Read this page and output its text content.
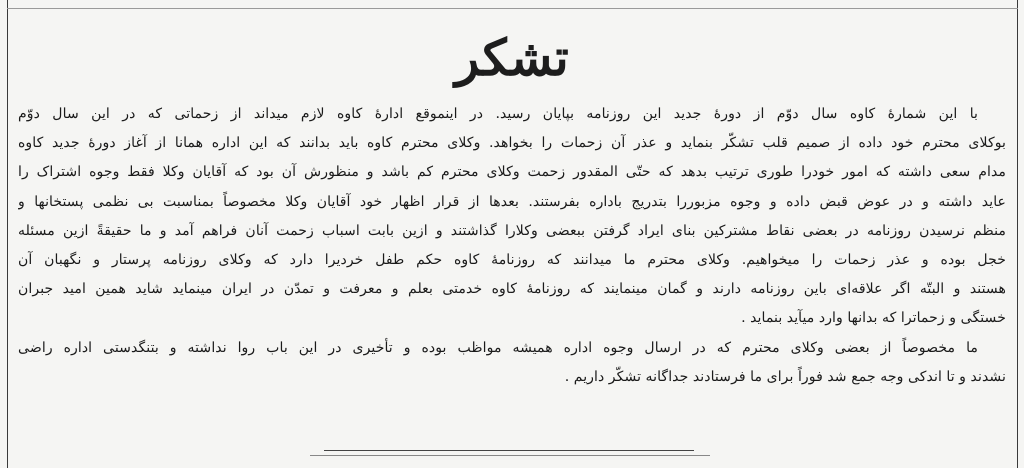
تشکر
با این شمارهٔ کاوه سال دوّم از دورهٔ جدید این روزنامه بپایان رسید. در اینموقع ادارهٔ کاوه لازم میداند از زحماتی که در این سال دوّم
بوکلای محترم خود داده از صمیم قلب تشکّر بنماید و عذر آن زحمات را بخواهد. وکلای محترم کاوه باید بدانند که این اداره همانا از آغاز دورهٔ جدید کاوه
مدام سعی داشته که امور خودرا طوری ترتیب بدهد که حتّی المقدور زحمت وکلای محترم کم باشد و منظورش آن بود که آقایان وکلا فقط وجوه اشتراک را
عاید داشته و در عوض قبض داده و وجوه مزبوررا بتدریج باداره بفرستند. بعدها از قرار اظهار خود آقایان وکلا مخصوصاً بمناسبت بی نظمی پستخانها و
منظم نرسیدن روزنامه در بعضی نقاط مشترکین بنای ایراد گرفتن ببعضی وکلارا گذاشتند و ازین بابت اسباب زحمت آنان فراهم آمد و ما حقیقةً ازین مسئله
خجل بوده و عذر زحمات را میخواهیم. وکلای محترم ما میدانند که روزنامهٔ کاوه حکم طفل خردیرا دارد که وکلای روزنامه پرستار و نگهبان آن
هستند و البتّه اگر علاقه‌ای باین روزنامه دارند و گمان مینمایند که روزنامهٔ کاوه خدمتی بعلم و معرفت و تمدّن در ایران مینماید شاید همین امید جبران
خستگی و زحماترا که بدانها وارد میآید بنماید .
ما مخصوصاً از بعضی وکلای محترم که در ارسال وجوه اداره همیشه مواظب بوده و تأخیری در این باب روا نداشته و بتنگدستی اداره راضی
نشدند و تا اندکی وجه جمع شد فوراً برای ما فرستادند جداگانه تشکّر داریم .
